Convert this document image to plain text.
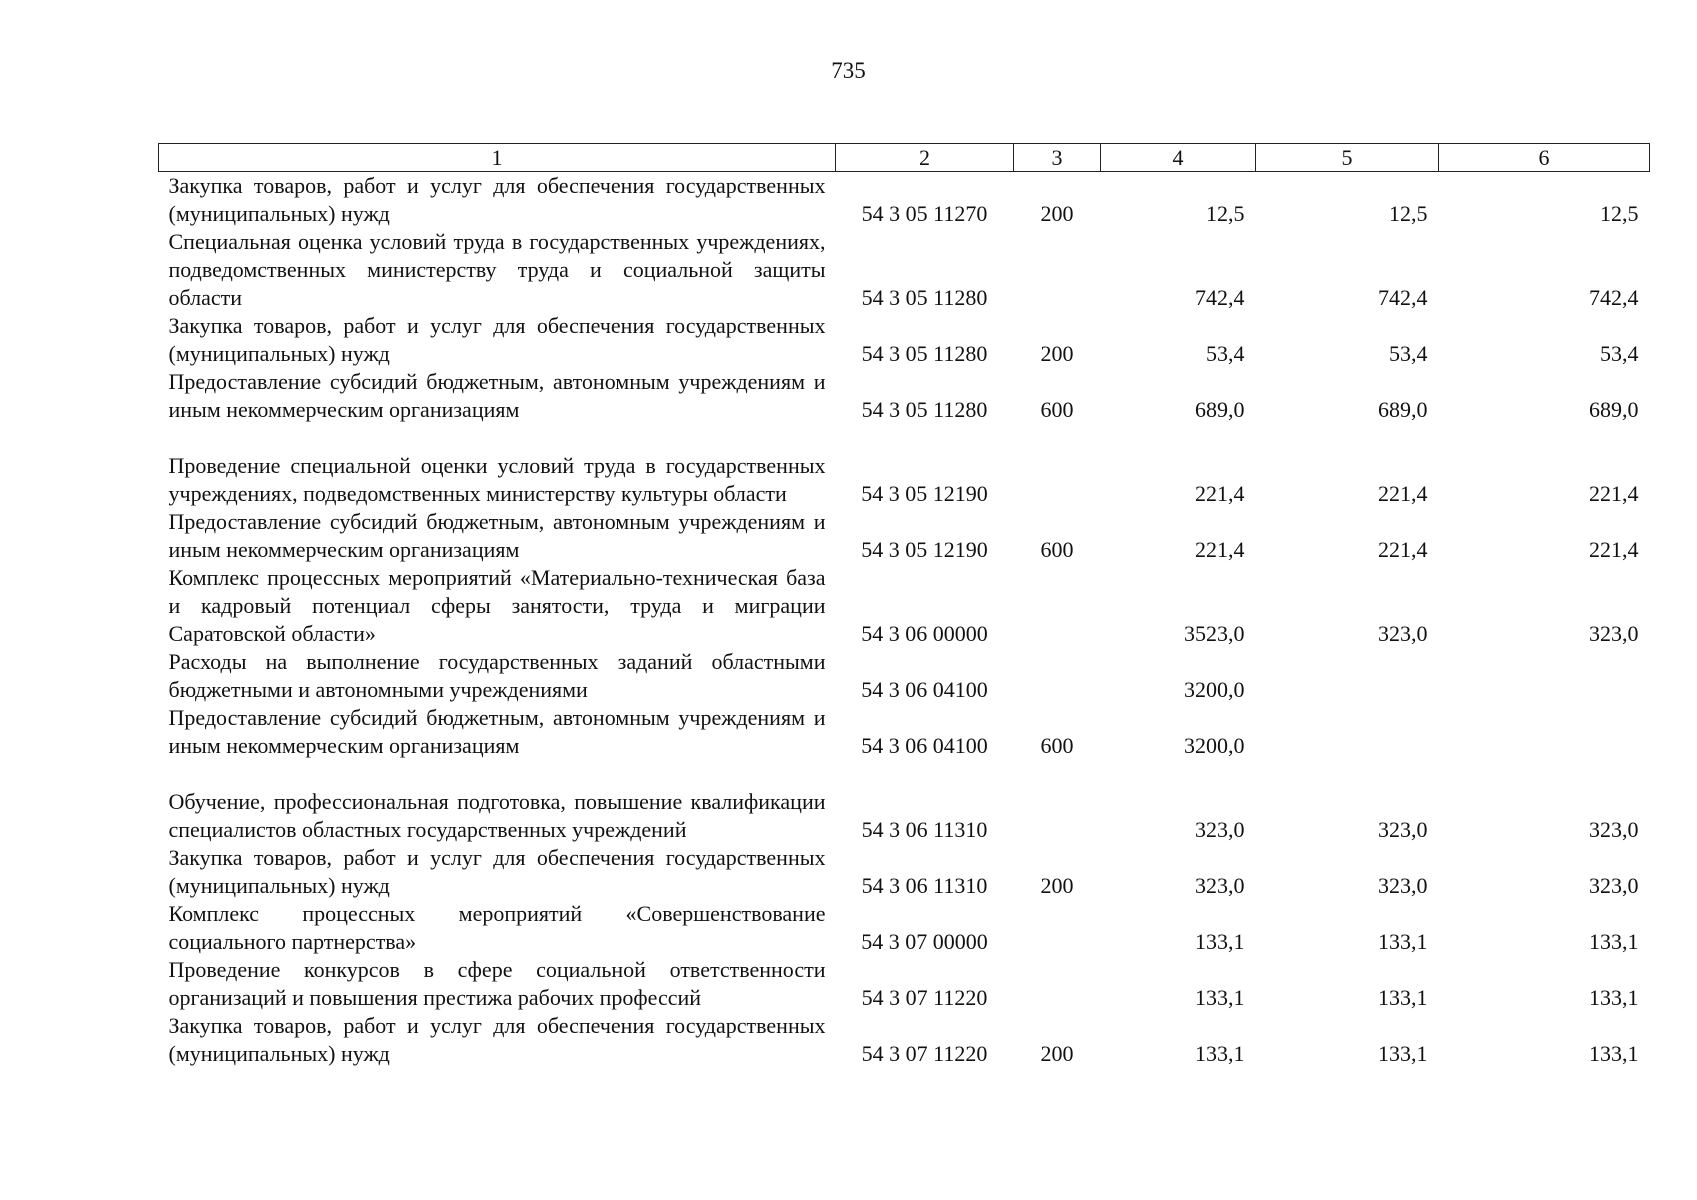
735
1	2	3	4	5	6
Закупка товаров, работ и услуг для обеспечения государственных (муниципальных) нужд	54 3 05 11270	200	12,5	12,5	12,5
Специальная оценка условий труда в государственных учреждениях, подведомственных министерству труда и социальной защиты области	54 3 05 11280		742,4	742,4	742,4
Закупка товаров, работ и услуг для обеспечения государственных (муниципальных) нужд	54 3 05 11280	200	53,4	53,4	53,4
Предоставление субсидий бюджетным, автономным учреждениям и иным некоммерческим организациям	54 3 05 11280	600	689,0	689,0	689,0
Проведение специальной оценки условий труда в государственных учреждениях, подведомственных министерству культуры области	54 3 05 12190		221,4	221,4	221,4
Предоставление субсидий бюджетным, автономным учреждениям и иным некоммерческим организациям	54 3 05 12190	600	221,4	221,4	221,4
Комплекс процессных мероприятий «Материально-техническая база и кадровый потенциал сферы занятости, труда и миграции Саратовской области»	54 3 06 00000		3523,0	323,0	323,0
Расходы на выполнение государственных заданий областными бюджетными и автономными учреждениями	54 3 06 04100		3200,0		
Предоставление субсидий бюджетным, автономным учреждениям и иным некоммерческим организациям	54 3 06 04100	600	3200,0		
Обучение, профессиональная подготовка, повышение квалификации специалистов областных государственных учреждений	54 3 06 11310		323,0	323,0	323,0
Закупка товаров, работ и услуг для обеспечения государственных (муниципальных) нужд	54 3 06 11310	200	323,0	323,0	323,0
Комплекс процессных мероприятий «Совершенствование социального партнерства»	54 3 07 00000		133,1	133,1	133,1
Проведение конкурсов в сфере социальной ответственности организаций и повышения престижа рабочих профессий	54 3 07 11220		133,1	133,1	133,1
Закупка товаров, работ и услуг для обеспечения государственных (муниципальных) нужд	54 3 07 11220	200	133,1	133,1	133,1
